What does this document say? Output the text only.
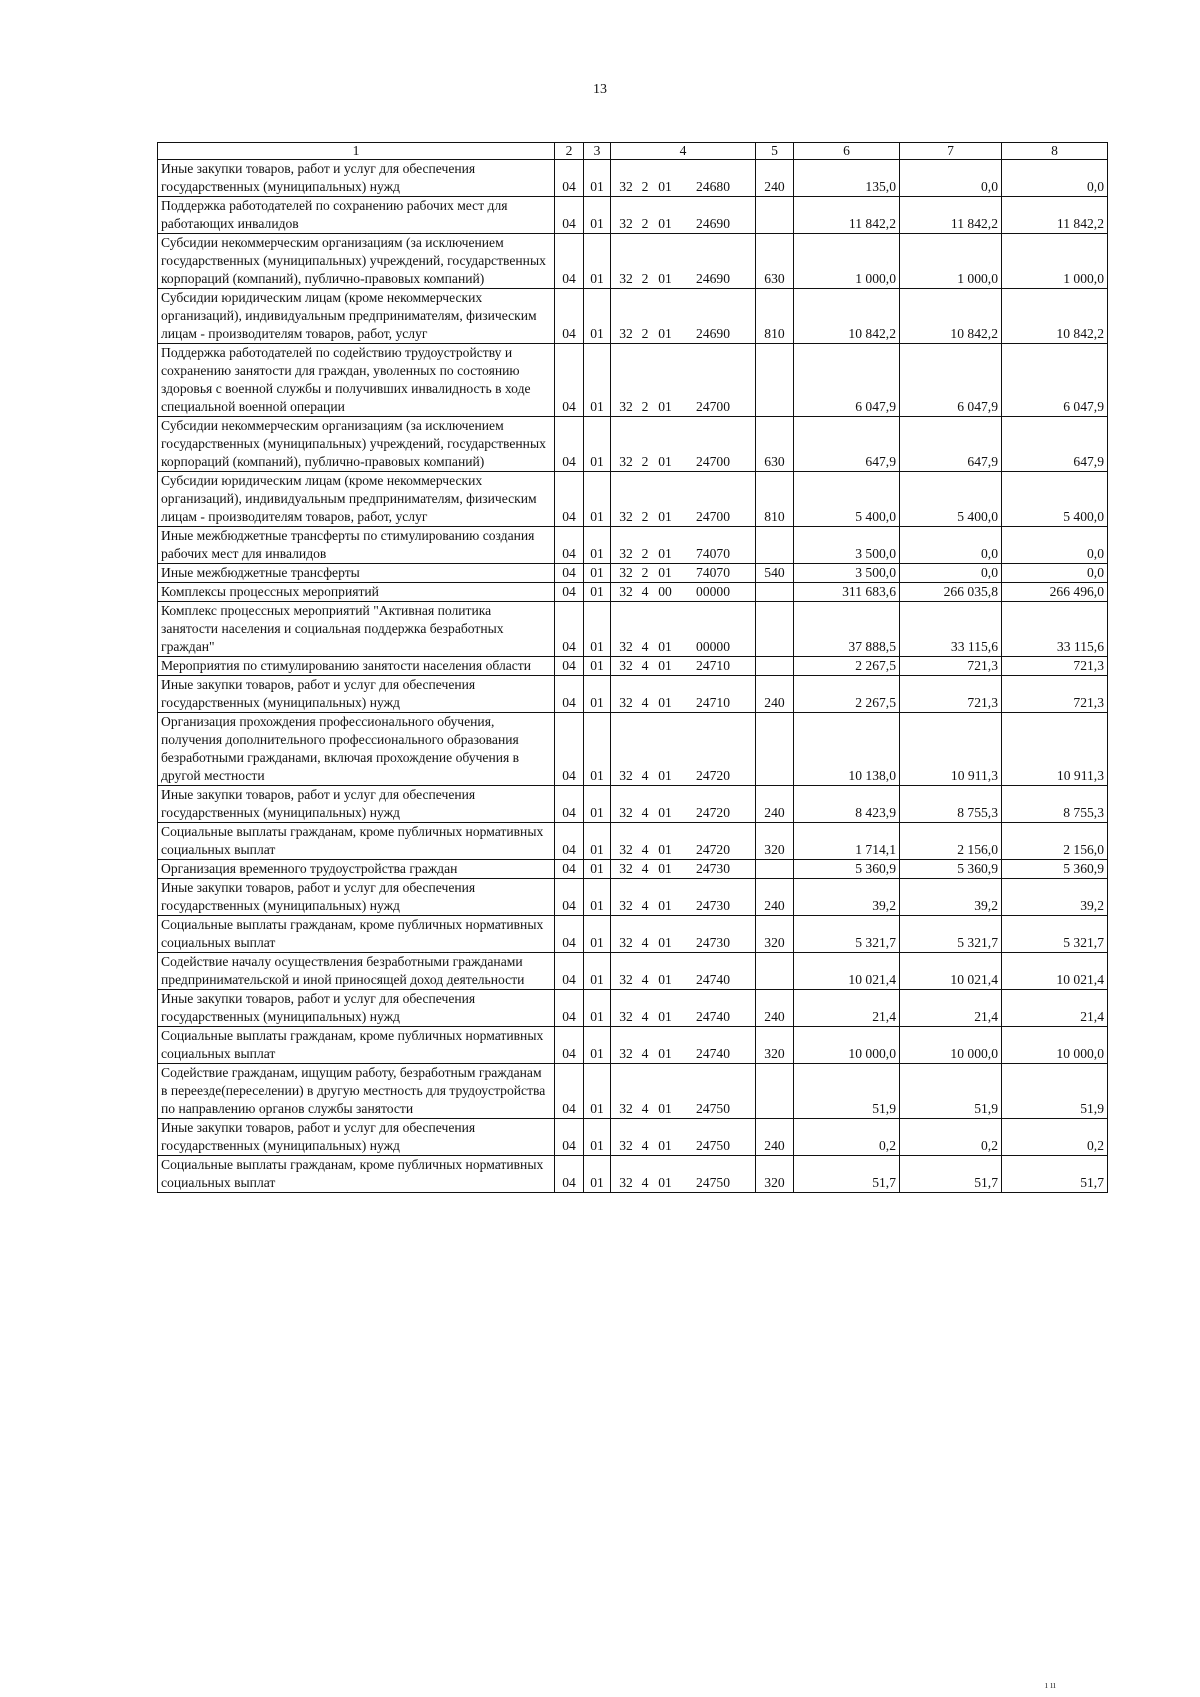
13
1	2	3	4	5	6	7	8
Иные закупки товаров, работ и услуг для обеспечения государственных (муниципальных) нужд	04	01	32 2 01 24680	240	135,0	0,0	0,0
Поддержка работодателей по сохранению рабочих мест для работающих инвалидов	04	01	32 2 01 24690		11 842,2	11 842,2	11 842,2
Субсидии некоммерческим организациям (за исключением государственных (муниципальных) учреждений, государственных корпораций (компаний), публично-правовых компаний)	04	01	32 2 01 24690	630	1 000,0	1 000,0	1 000,0
Субсидии юридическим лицам (кроме некоммерческих организаций), индивидуальным предпринимателям, физическим лицам - производителям товаров, работ, услуг	04	01	32 2 01 24690	810	10 842,2	10 842,2	10 842,2
Поддержка работодателей по содействию трудоустройству и сохранению занятости для граждан, уволенных по состоянию здоровья с военной службы и получивших инвалидность в ходе специальной военной операции	04	01	32 2 01 24700		6 047,9	6 047,9	6 047,9
Субсидии некоммерческим организациям (за исключением государственных (муниципальных) учреждений, государственных корпораций (компаний), публично-правовых компаний)	04	01	32 2 01 24700	630	647,9	647,9	647,9
Субсидии юридическим лицам (кроме некоммерческих организаций), индивидуальным предпринимателям, физическим лицам - производителям товаров, работ, услуг	04	01	32 2 01 24700	810	5 400,0	5 400,0	5 400,0
Иные межбюджетные трансферты по стимулированию создания рабочих мест для инвалидов	04	01	32 2 01 74070		3 500,0	0,0	0,0
Иные межбюджетные трансферты	04	01	32 2 01 74070	540	3 500,0	0,0	0,0
Комплексы процессных мероприятий	04	01	32 4 00 00000		311 683,6	266 035,8	266 496,0
Комплекс процессных мероприятий "Активная политика занятости населения и социальная поддержка безработных граждан"	04	01	32 4 01 00000		37 888,5	33 115,6	33 115,6
Мероприятия по стимулированию занятости населения области	04	01	32 4 01 24710		2 267,5	721,3	721,3
Иные закупки товаров, работ и услуг для обеспечения государственных (муниципальных) нужд	04	01	32 4 01 24710	240	2 267,5	721,3	721,3
Организация прохождения профессионального обучения, получения дополнительного профессионального образования безработными гражданами, включая прохождение обучения в другой местности	04	01	32 4 01 24720		10 138,0	10 911,3	10 911,3
Иные закупки товаров, работ и услуг для обеспечения государственных (муниципальных) нужд	04	01	32 4 01 24720	240	8 423,9	8 755,3	8 755,3
Социальные выплаты гражданам, кроме публичных нормативных социальных выплат	04	01	32 4 01 24720	320	1 714,1	2 156,0	2 156,0
Организация временного трудоустройства граждан	04	01	32 4 01 24730		5 360,9	5 360,9	5 360,9
Иные закупки товаров, работ и услуг для обеспечения государственных (муниципальных) нужд	04	01	32 4 01 24730	240	39,2	39,2	39,2
Социальные выплаты гражданам, кроме публичных нормативных социальных выплат	04	01	32 4 01 24730	320	5 321,7	5 321,7	5 321,7
Содействие началу осуществления безработными гражданами предпринимательской и иной приносящей доход деятельности	04	01	32 4 01 24740		10 021,4	10 021,4	10 021,4
Иные закупки товаров, работ и услуг для обеспечения государственных (муниципальных) нужд	04	01	32 4 01 24740	240	21,4	21,4	21,4
Социальные выплаты гражданам, кроме публичных нормативных социальных выплат	04	01	32 4 01 24740	320	10 000,0	10 000,0	10 000,0
Содействие гражданам, ищущим работу, безработным гражданам в переезде(переселении) в другую местность для трудоустройства по направлению органов службы занятости	04	01	32 4 01 24750		51,9	51,9	51,9
Иные закупки товаров, работ и услуг для обеспечения государственных (муниципальных) нужд	04	01	32 4 01 24750	240	0,2	0,2	0,2
Социальные выплаты гражданам, кроме публичных нормативных социальных выплат	04	01	32 4 01 24750	320	51,7	51,7	51,7
ı ıı
